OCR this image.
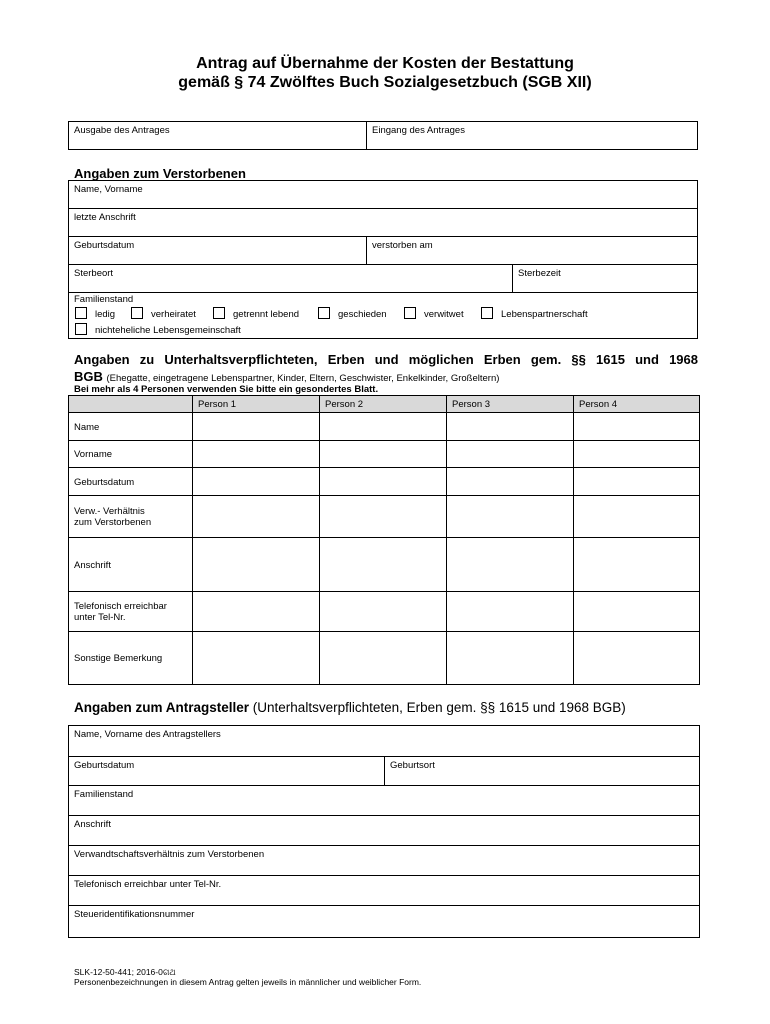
Antrag auf Übernahme der Kosten der Bestattung
gemäß § 74 Zwölftes Buch Sozialgesetzbuch (SGB XII)
Ausgabe des Antrages	Eingang des Antrages
Angaben zum Verstorbenen
Name, Vorname
letzte Anschrift
Geburtsdatum	verstorben am
Sterbeort	Sterbezeit
Familienstand
ledig	verheiratet	getrennt lebend	geschieden	verwitwet	Lebenspartnerschaft
nichteheliche Lebensgemeinschaft
Angaben zu Unterhaltsverpflichteten, Erben und möglichen Erben gem. §§ 1615 und 1968
BGB (Ehegatte, eingetragene Lebenspartner, Kinder, Eltern, Geschwister, Enkelkinder, Großeltern)
Bei mehr als 4 Personen verwenden Sie bitte ein gesondertes Blatt.
Person 1	Person 2	Person 3	Person 4
Name
Vorname
Geburtsdatum
Verw.- Verhältnis
zum Verstorbenen
Anschrift
Telefonisch erreichbar
unter Tel-Nr.
Sonstige Bemerkung
SLK-12-50-441; 2016-0ଗଥ
Personenbezeichnungen in diesem Antrag gelten jeweils in männlicher und weiblicher Form.
Angaben zum Antragsteller (Unterhaltsverpflichteten, Erben gem. §§ 1615 und 1968 BGB)
Name, Vorname des Antragstellers
Geburtsdatum	Geburtsort
Familienstand
Anschrift
Verwandtschaftsverhältnis zum Verstorbenen
Telefonisch erreichbar unter Tel-Nr.
Steueridentifikationsnummer
